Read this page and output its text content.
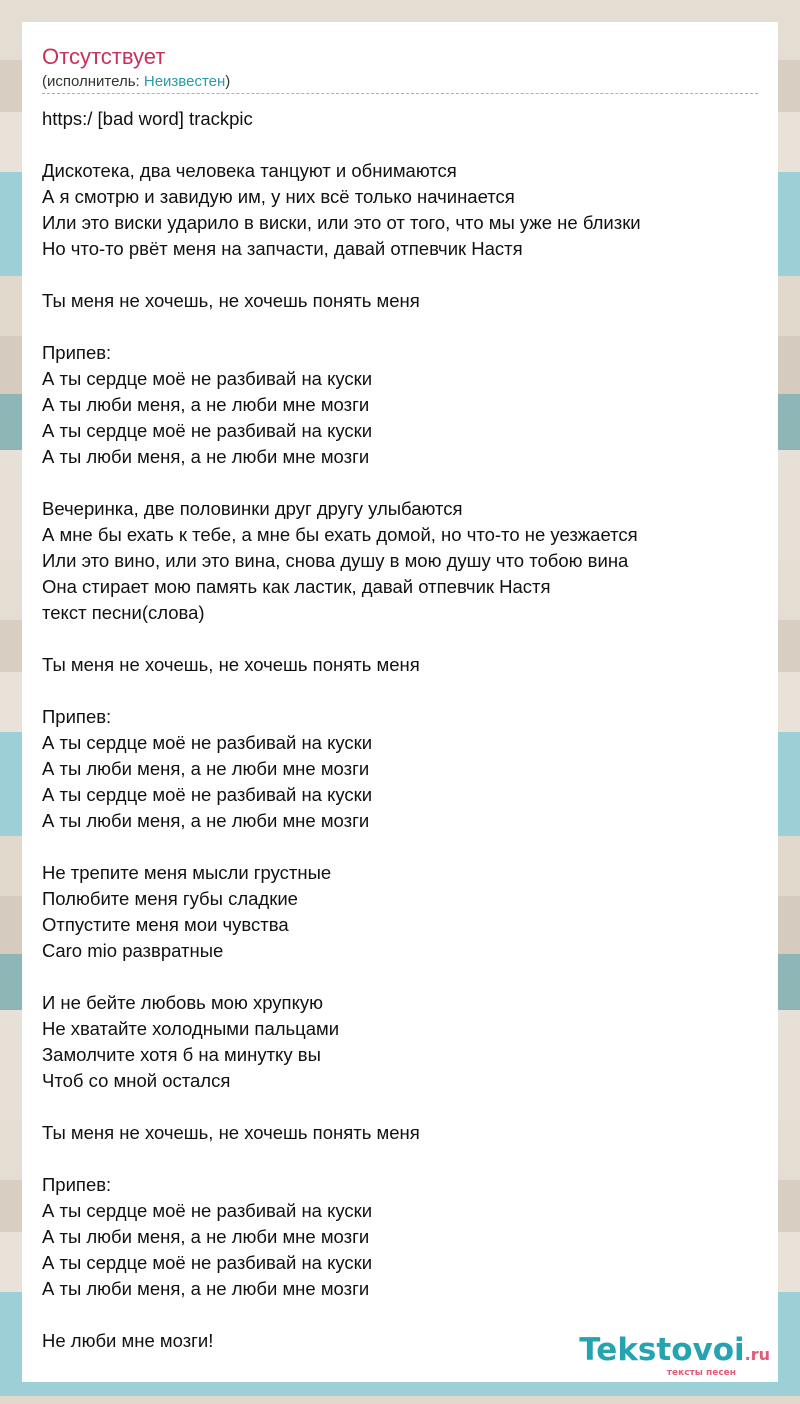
Отсутствует
(исполнитель: Неизвестен)
https:/ [bad word] trackpic
Дискотека, два человека танцуют и обнимаются
А я смотрю и завидую им, у них всё только начинается
Или это виски ударило в виски, или это от того, что мы уже не близки
Но что-то рвёт меня на запчасти, давай отпевчик Настя
Ты меня не хочешь, не хочешь понять меня
Припев:
А ты сердце моё не разбивай на куски
А ты люби меня, а не люби мне мозги
А ты сердце моё не разбивай на куски
А ты люби меня, а не люби мне мозги
Вечеринка, две половинки друг другу улыбаются
А мне бы ехать к тебе, а мне бы ехать домой, но что-то не уезжается
Или это вино, или это вина, снова душу в мою душу что тобою вина
Она стирает мою память как ластик, давай отпевчик Настя
текст песни(слова)
Ты меня не хочешь, не хочешь понять меня
Припев:
А ты сердце моё не разбивай на куски
А ты люби меня, а не люби мне мозги
А ты сердце моё не разбивай на куски
А ты люби меня, а не люби мне мозги
Не трепите меня мысли грустные
Полюбите меня губы сладкие
Отпустите меня мои чувства
Caro mio развратные
И не бейте любовь мою хрупкую
Не хватайте холодными пальцами
Замолчите хотя б на минутку вы
Чтоб со мной остался
Ты меня не хочешь, не хочешь понять меня
Припев:
А ты сердце моё не разбивай на куски
А ты люби меня, а не люби мне мозги
А ты сердце моё не разбивай на куски
А ты люби меня, а не люби мне мозги
Не люби мне мозги!	Tekstovoi.ru
тексты песен
